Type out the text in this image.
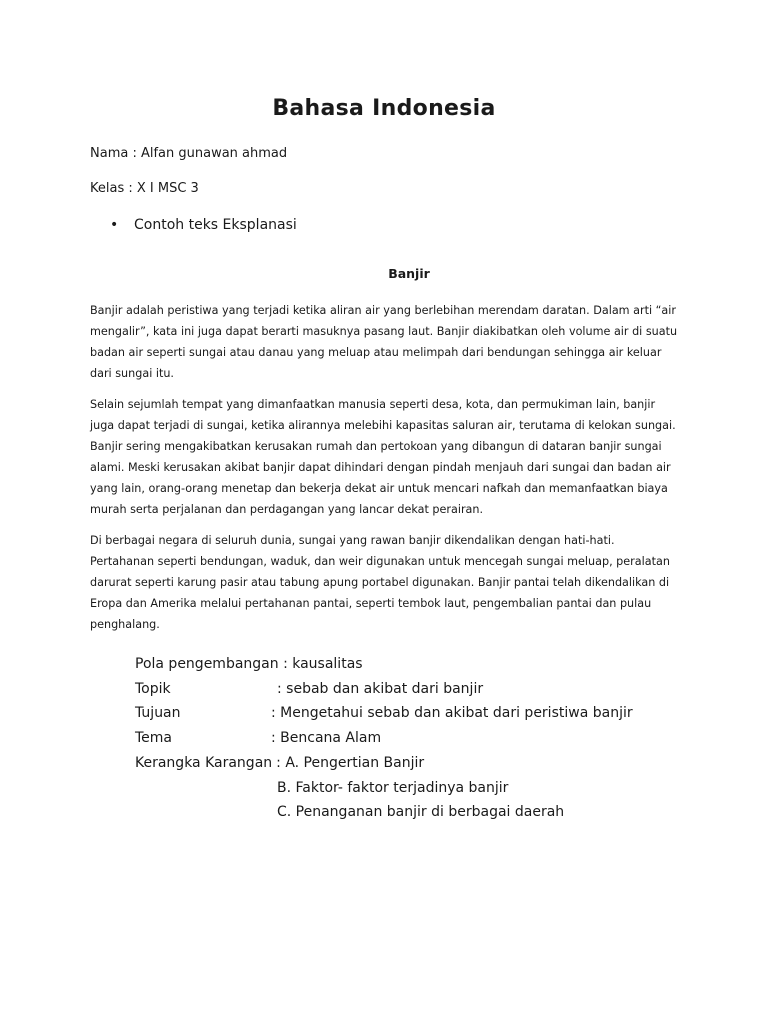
Bahasa Indonesia
Nama : Alfan gunawan ahmad
Kelas : X I MSC 3
• Contoh teks Eksplanasi
Banjir

Banjir adalah peristiwa yang terjadi ketika aliran air yang berlebihan merendam daratan. Dalam arti “air mengalir”, kata ini juga dapat berarti masuknya pasang laut. Banjir diakibatkan oleh volume air di suatu badan air seperti sungai atau danau yang meluap atau melimpah dari bendungan sehingga air keluar dari sungai itu.

Selain sejumlah tempat yang dimanfaatkan manusia seperti desa, kota, dan permukiman lain, banjir juga dapat terjadi di sungai, ketika alirannya melebihi kapasitas saluran air, terutama di kelokan sungai. Banjir sering mengakibatkan kerusakan rumah dan pertokoan yang dibangun di dataran banjir sungai alami. Meski kerusakan akibat banjir dapat dihindari dengan pindah menjauh dari sungai dan badan air yang lain, orang-orang menetap dan bekerja dekat air untuk mencari nafkah dan memanfaatkan biaya murah serta perjalanan dan perdagangan yang lancar dekat perairan.

Di berbagai negara di seluruh dunia, sungai yang rawan banjir dikendalikan dengan hati-hati. Pertahanan seperti bendungan, waduk, dan weir digunakan untuk mencegah sungai meluap, peralatan darurat seperti karung pasir atau tabung apung portabel digunakan. Banjir pantai telah dikendalikan di Eropa dan Amerika melalui pertahanan pantai, seperti tembok laut, pengembalian pantai dan pulau penghalang.

Pola pengembangan : kausalitas
Topik	: sebab dan akibat dari banjir
Tujuan	: Mengetahui sebab dan akibat dari peristiwa banjir
Tema	: Bencana Alam
Kerangka Karangan : A. Pengertian Banjir
B. Faktor- faktor terjadinya banjir
C. Penanganan banjir di berbagai daerah
